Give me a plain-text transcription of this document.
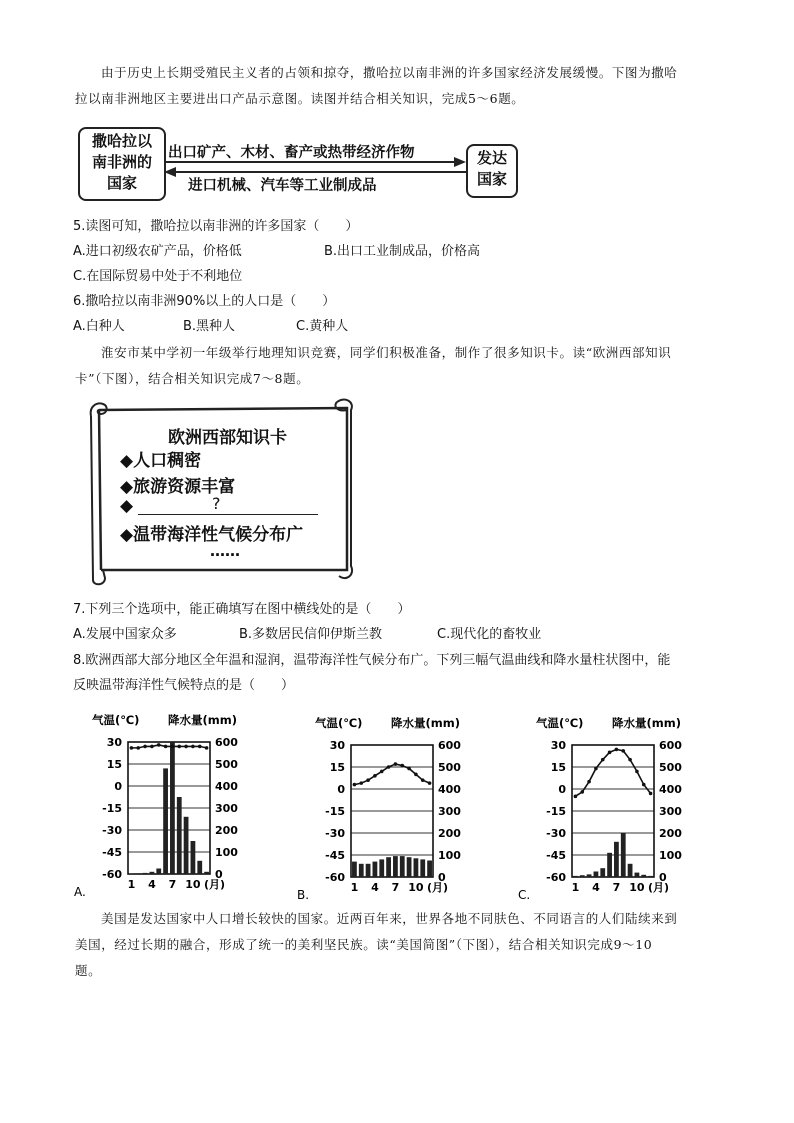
由于历史上长期受殖民主义者的占领和掠夺，撒哈拉以南非洲的许多国家经济发展缓慢。下图为撒哈
拉以南非洲地区主要进出口产品示意图。读图并结合相关知识，完成5～6题。
撒哈拉以
南非洲的
国家
发达
国家
出口矿产、木材、畜产或热带经济作物
进口机械、汽车等工业制成品
5.读图可知，撒哈拉以南非洲的许多国家（　　）
A.进口初级农矿产品，价格低	B.出口工业制成品，价格高
C.在国际贸易中处于不利地位
6.撒哈拉以南非洲90%以上的人口是（　　）
A.白种人	B.黑种人	C.黄种人
淮安市某中学初一年级举行地理知识竞赛，同学们积极准备，制作了很多知识卡。读“欧洲西部知识
卡”（下图），结合相关知识完成7～8题。
欧洲西部知识卡
◆人口稠密
◆旅游资源丰富
◆	?
◆温带海洋性气候分布广
……
7.下列三个选项中，能正确填写在图中横线处的是（　　）
A.发展中国家众多	B.多数居民信仰伊斯兰教	C.现代化的畜牧业
8.欧洲西部大部分地区全年温和湿润，温带海洋性气候分布广。下列三幅气温曲线和降水量柱状图中，能
反映温带海洋性气候特点的是（　　）
气温(℃) 降水量(mm)
30	600
15	500
0	400
-15	300
-30	200
-45	100
-60	0
1 4 7 10 (月)
A.
气温(℃) 降水量(mm)
30	600
15	500
0	400
-15	300
-30	200
-45	100
-60	0
1 4 7 10 (月)
B.
气温(℃) 降水量(mm)
30	600
15	500
0	400
-15	300
-30	200
-45	100
-60	0
1 4 7 10 (月)
C.
美国是发达国家中人口增长较快的国家。近两百年来，世界各地不同肤色、不同语言的人们陆续来到
美国，经过长期的融合，形成了统一的美利坚民族。读“美国简图”（下图），结合相关知识完成9～10
题。
